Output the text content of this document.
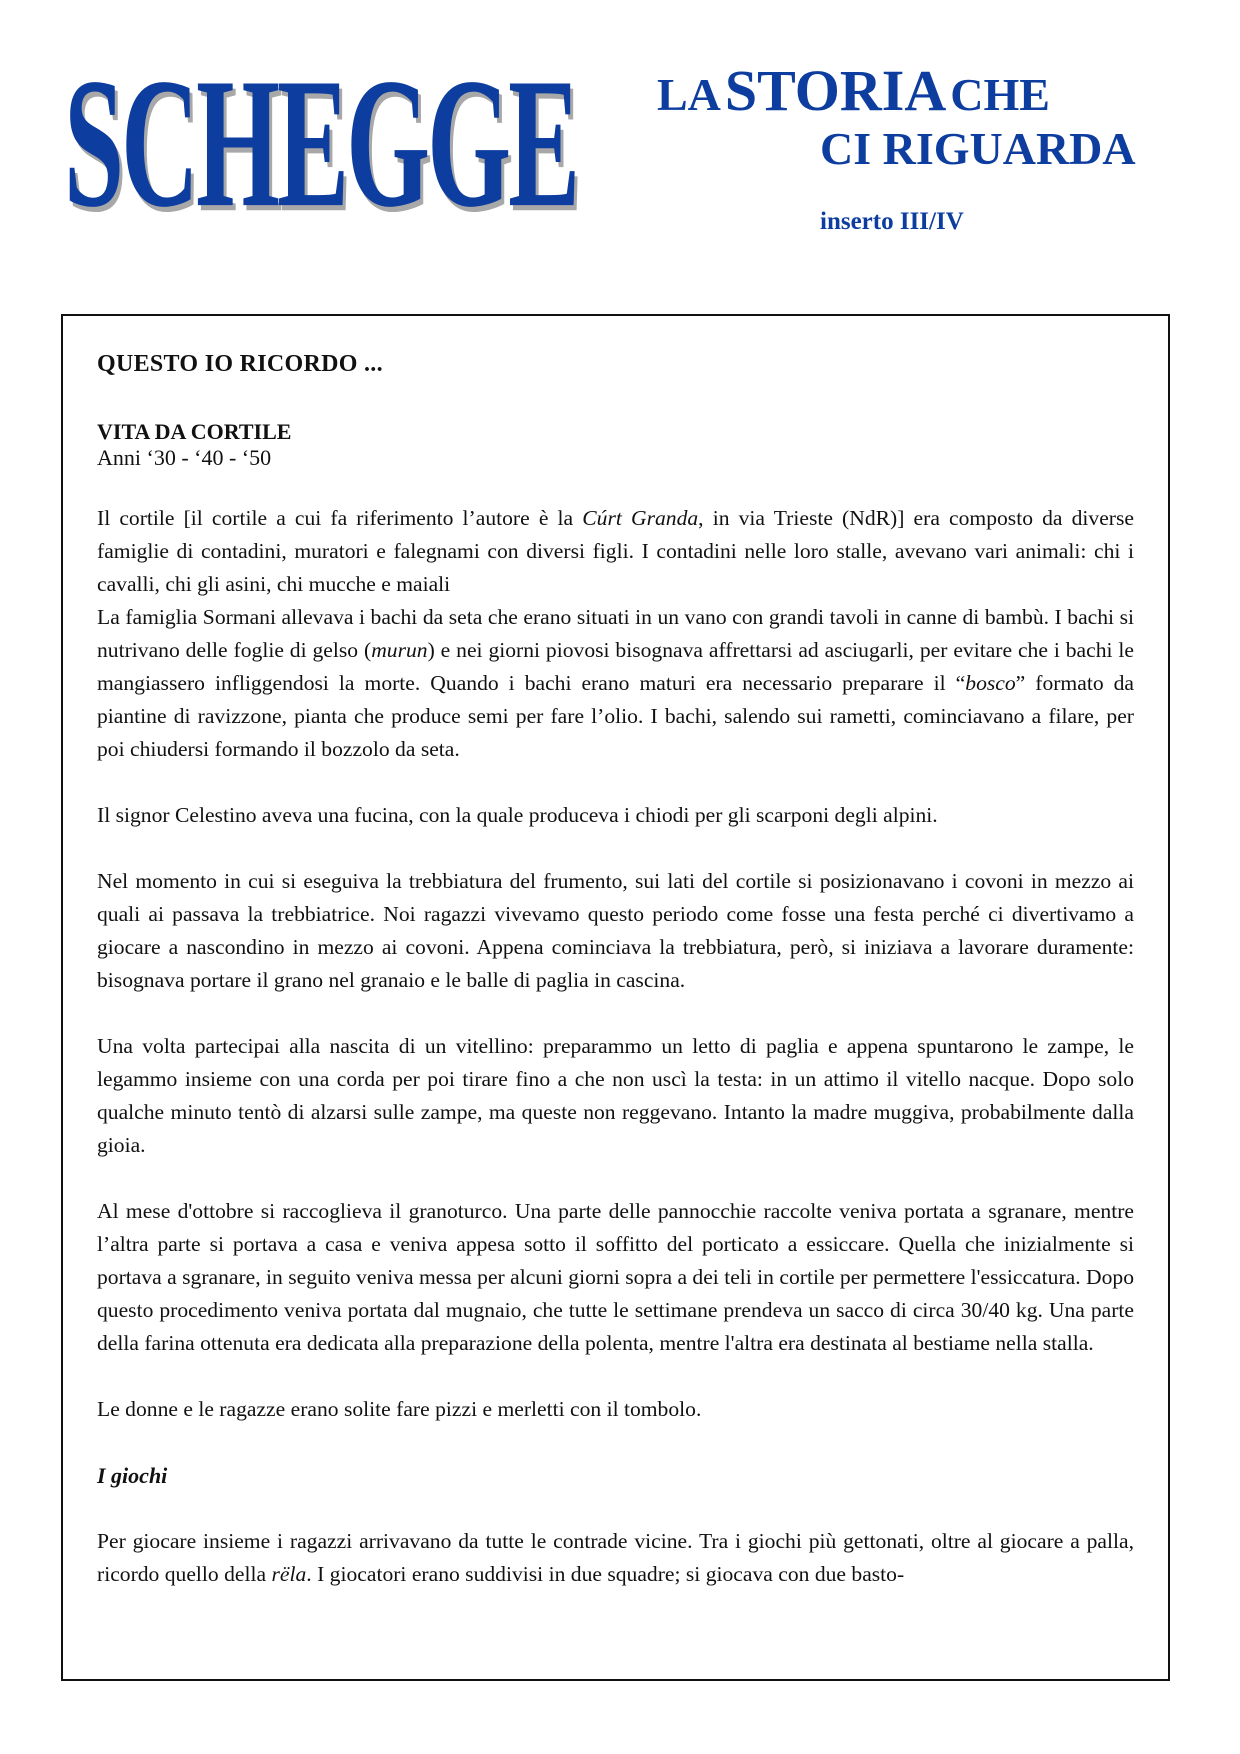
SCHEGGE	LA STORIA CHE
CI RIGUARDA
inserto III/IV
QUESTO IO RICORDO ...
VITA DA CORTILE
Anni ‘30 - ‘40 - ‘50

Il cortile [il cortile a cui fa riferimento l’autore è la Cúrt Granda, in via Trieste (NdR)] era composto da diverse famiglie di contadini, muratori e falegnami con diversi figli. I contadini nelle loro stalle, avevano vari animali: chi i cavalli, chi gli asini, chi mucche e maiali

La famiglia Sormani allevava i bachi da seta che erano situati in un vano con grandi tavoli in canne di bambù. I bachi si nutrivano delle foglie di gelso (murun) e nei giorni piovosi bisognava affrettarsi ad asciugarli, per evitare che i bachi le mangiassero infliggendosi la morte. Quando i bachi erano maturi era necessario preparare il “bosco” formato da piantine di ravizzone, pianta che produce semi per fare l’olio. I bachi, salendo sui rametti, cominciavano a filare, per poi chiudersi formando il bozzolo da seta.

Il signor Celestino aveva una fucina, con la quale produceva i chiodi per gli scarponi degli alpini.

Nel momento in cui si eseguiva la trebbiatura del frumento, sui lati del cortile si posizionavano i covoni in mezzo ai quali ai passava la trebbiatrice. Noi ragazzi vivevamo questo periodo come fosse una festa perché ci divertivamo a giocare a nascondino in mezzo ai covoni. Appena cominciava la trebbiatura, però, si iniziava a lavorare duramente: bisognava portare il grano nel granaio e le balle di paglia in cascina.

Una volta partecipai alla nascita di un vitellino: preparammo un letto di paglia e appena spuntarono le zampe, le legammo insieme con una corda per poi tirare fino a che non uscì la testa: in un attimo il vitello nacque. Dopo solo qualche minuto tentò di alzarsi sulle zampe, ma queste non reggevano. Intanto la madre muggiva, probabilmente dalla gioia.

Al mese d'ottobre si raccoglieva il granoturco. Una parte delle pannocchie raccolte veniva portata a sgranare, mentre l’altra parte si portava a casa e veniva appesa sotto il soffitto del porticato a essiccare. Quella che inizialmente si portava a sgranare, in seguito veniva messa per alcuni giorni sopra a dei teli in cortile per permettere l'essiccatura. Dopo questo procedimento veniva portata dal mugnaio, che tutte le settimane prendeva un sacco di circa 30/40 kg. Una parte della farina ottenuta era dedicata alla preparazione della polenta, mentre l'altra era destinata al bestiame nella stalla.

Le donne e le ragazze erano solite fare pizzi e merletti con il tombolo.

I giochi

Per giocare insieme i ragazzi arrivavano da tutte le contrade vicine. Tra i giochi più gettonati, oltre al giocare a palla, ricordo quello della rëla. I giocatori erano suddivisi in due squadre; si giocava con due basto-
